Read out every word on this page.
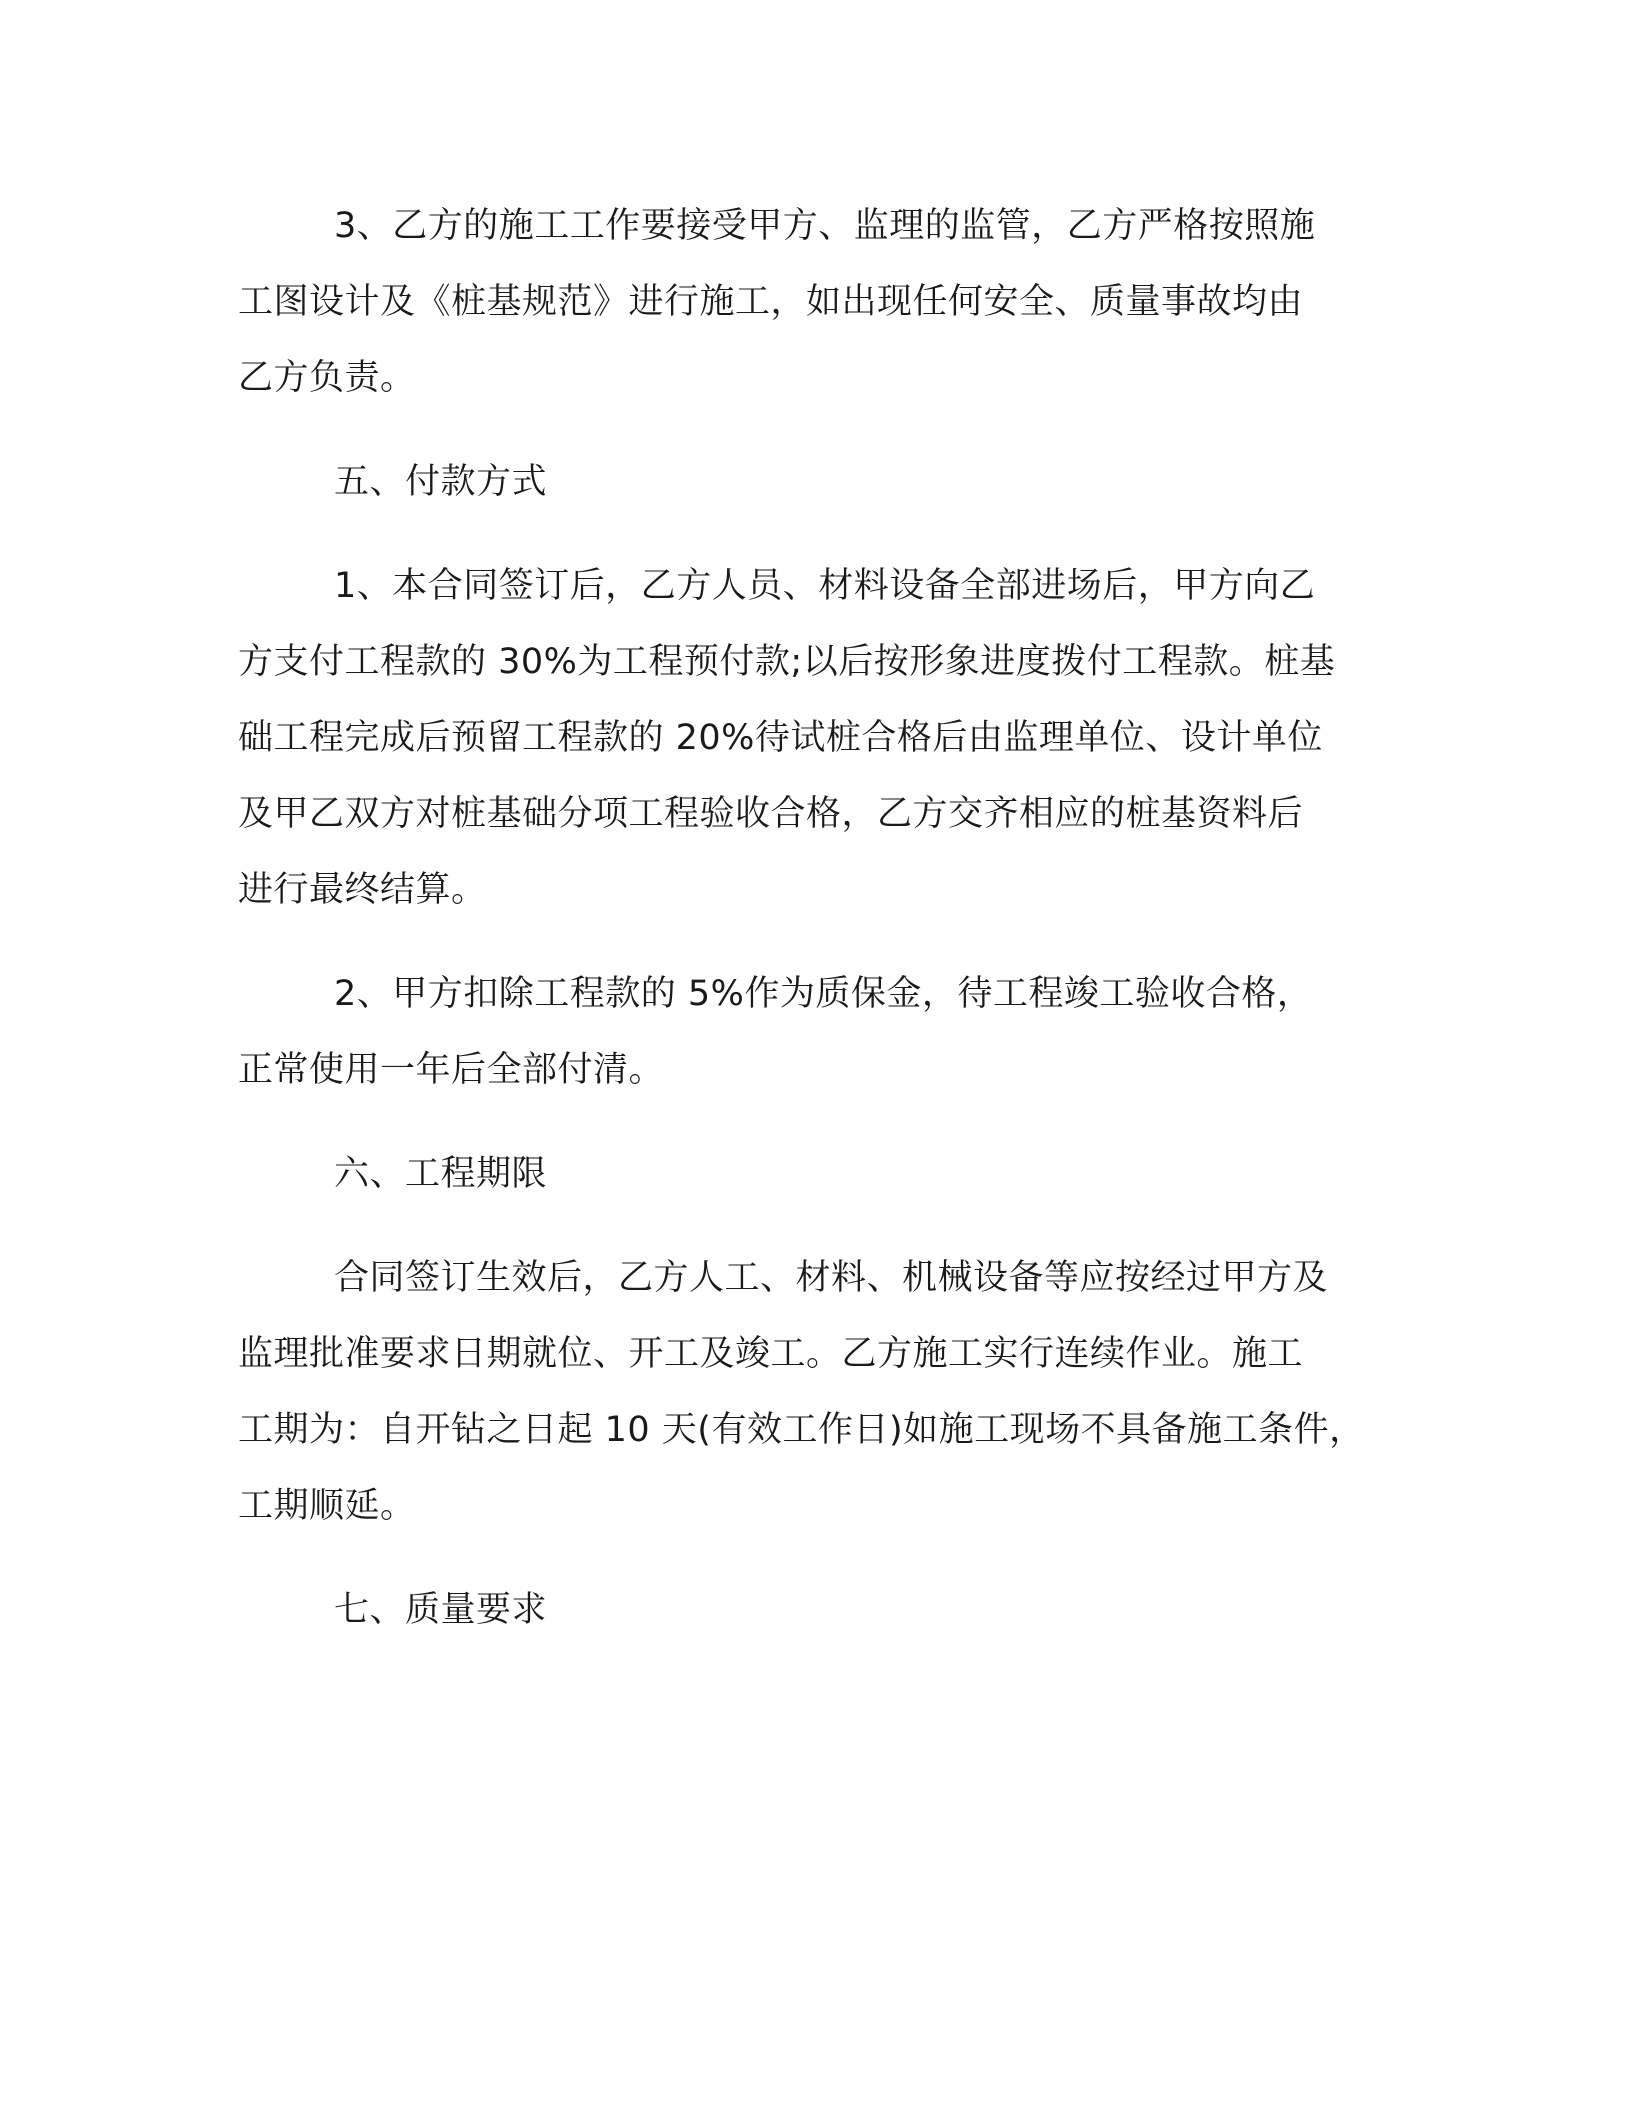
3、乙方的施工工作要接受甲方、监理的监管，乙方严格按照施
工图设计及《桩基规范》进行施工，如出现任何安全、质量事故均由
乙方负责。
五、付款方式
1、本合同签订后，乙方人员、材料设备全部进场后，甲方向乙
方支付工程款的 30%为工程预付款;以后按形象进度拨付工程款。桩基
础工程完成后预留工程款的 20%待试桩合格后由监理单位、设计单位
及甲乙双方对桩基础分项工程验收合格，乙方交齐相应的桩基资料后
进行最终结算。
2、甲方扣除工程款的 5%作为质保金，待工程竣工验收合格，
正常使用一年后全部付清。
六、工程期限
合同签订生效后，乙方人工、材料、机械设备等应按经过甲方及
监理批准要求日期就位、开工及竣工。乙方施工实行连续作业。施工
工期为：自开钻之日起 10 天(有效工作日)如施工现场不具备施工条件，
工期顺延。
七、质量要求
